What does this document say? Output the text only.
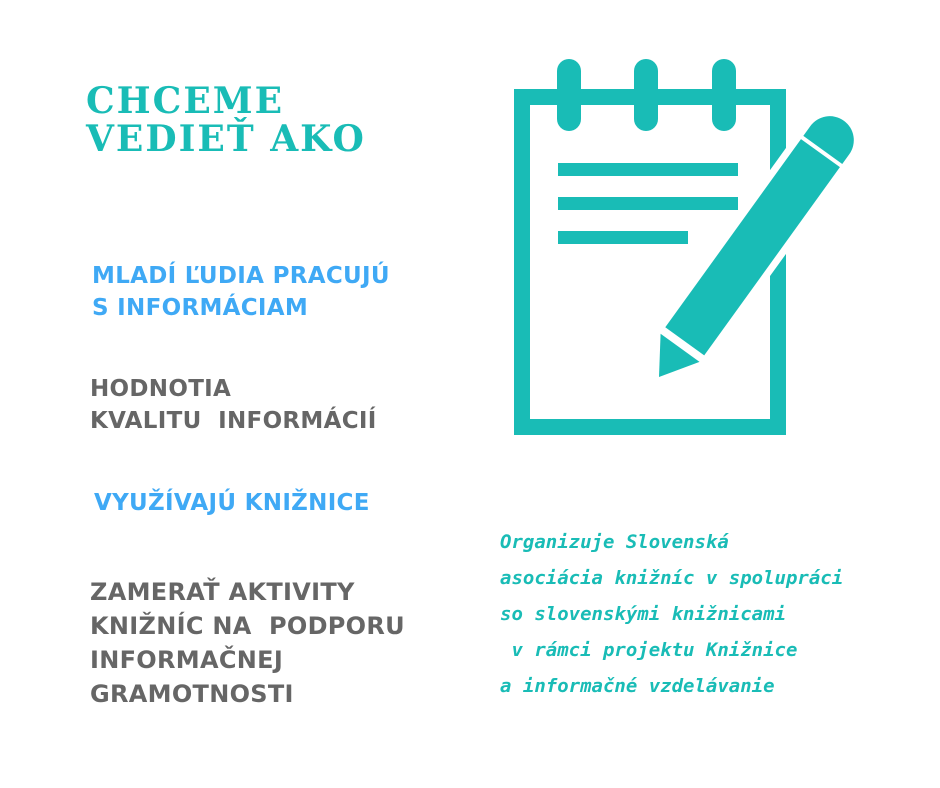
CHCEME
VEDIEŤ AKO
MLADÍ ĽUDIA PRACUJÚ
S INFORMÁCIAM
HODNOTIA
KVALITU  INFORMÁCIÍ
VYUŽÍVAJÚ KNIŽNICE
ZAMERAŤ AKTIVITY
KNIŽNÍC NA  PODPORU
INFORMAČNEJ
GRAMOTNOSTI
Organizuje Slovenská
asociácia knižníc v spolupráci
so slovenskými knižnicami
v rámci projektu Knižnice
a informačné vzdelávanie
